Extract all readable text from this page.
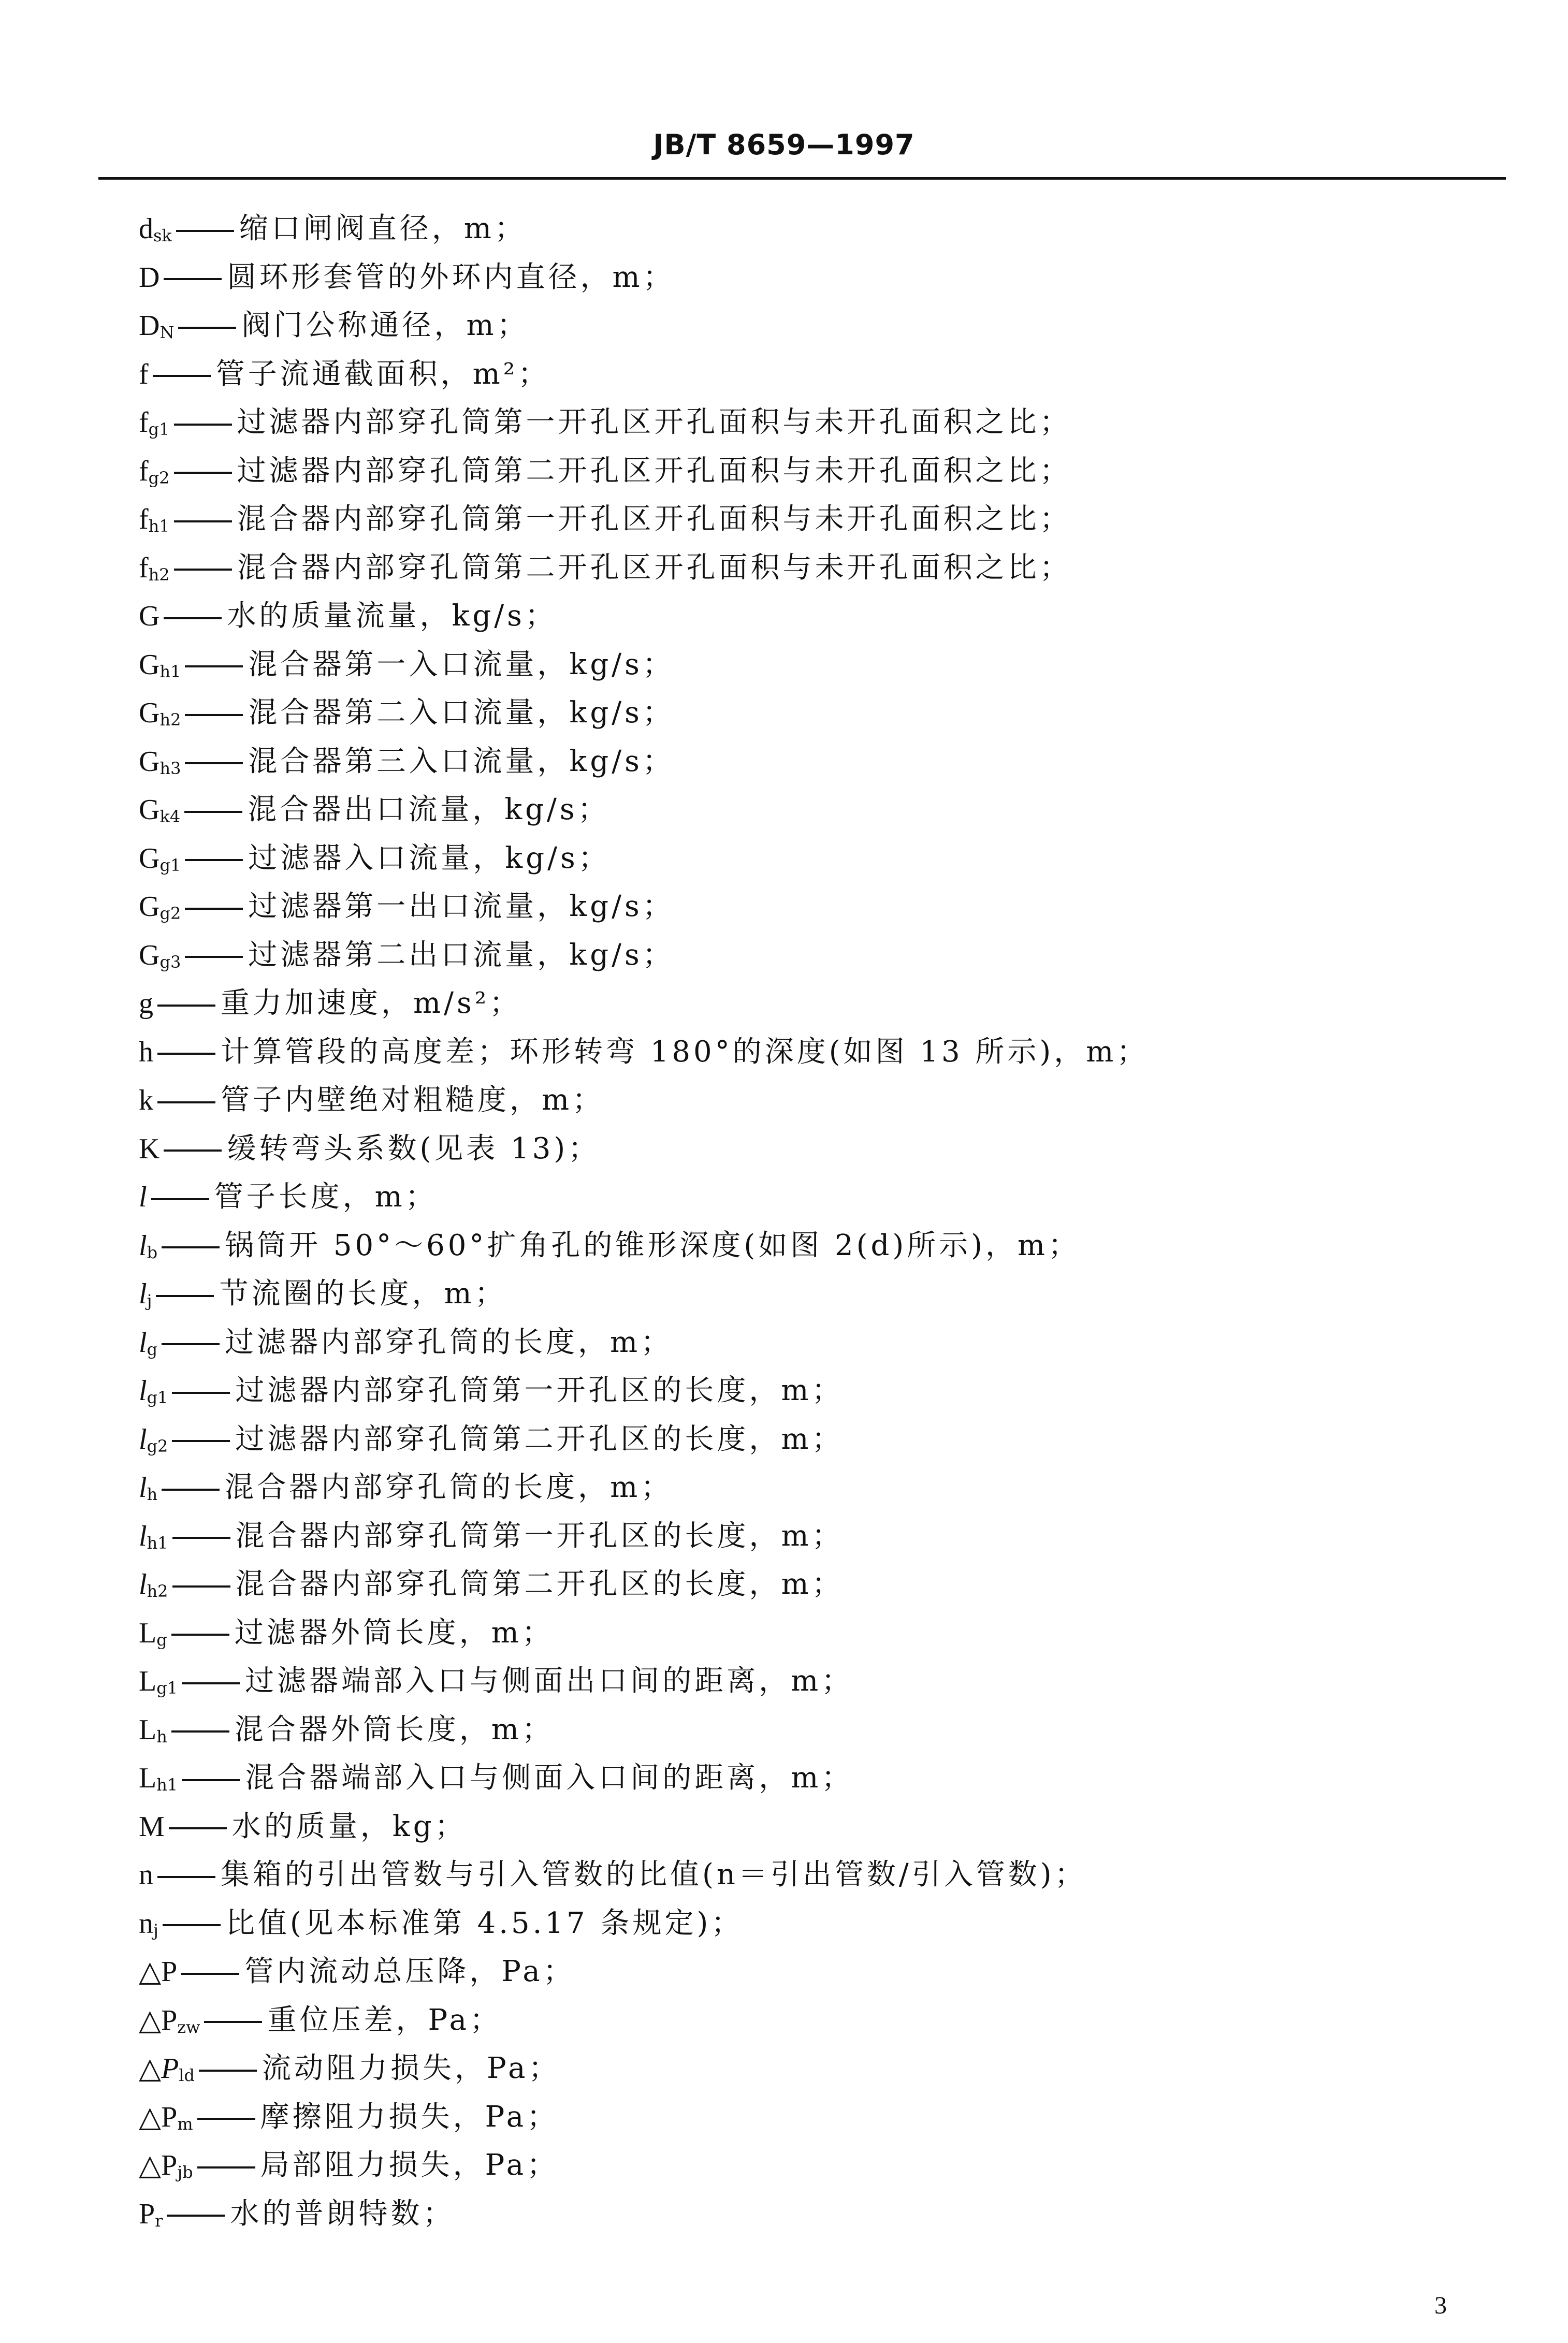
JB/T 8659—1997
$d_{sk}$ 缩口闸阀直径，m；
D 圆环形套管的外环内直径，m；
$D_N$ 阀门公称通径，m；
f 管子流通截面积，m²；
$f_{g1}$ 过滤器内部穿孔筒第一开孔区开孔面积与未开孔面积之比；
$f_{g2}$ 过滤器内部穿孔筒第二开孔区开孔面积与未开孔面积之比；
$f_{h1}$ 混合器内部穿孔筒第一开孔区开孔面积与未开孔面积之比；
$f_{h2}$ 混合器内部穿孔筒第二开孔区开孔面积与未开孔面积之比；
G 水的质量流量，kg/s；
$G_{h1}$ 混合器第一入口流量，kg/s；
$G_{h2}$ 混合器第二入口流量，kg/s；
$G_{h3}$ 混合器第三入口流量，kg/s；
$G_{k4}$ 混合器出口流量，kg/s；
$G_{g1}$ 过滤器入口流量，kg/s；
$G_{g2}$ 过滤器第一出口流量，kg/s；
$G_{g3}$ 过滤器第二出口流量，kg/s；
g 重力加速度，m/s²；
h 计算管段的高度差；环形转弯 180°的深度(如图 13 所示)，m；
k 管子内壁绝对粗糙度，m；
K 缓转弯头系数(见表 13)；
l 管子长度，m；
$l_b$ 锅筒开 50°～60°扩角孔的锥形深度(如图 2(d)所示)，m；
$l_j$ 节流圈的长度，m；
$l_g$ 过滤器内部穿孔筒的长度，m；
$l_{g1}$ 过滤器内部穿孔筒第一开孔区的长度，m；
$l_{g2}$ 过滤器内部穿孔筒第二开孔区的长度，m；
$l_h$ 混合器内部穿孔筒的长度，m；
$l_{h1}$ 混合器内部穿孔筒第一开孔区的长度，m；
$l_{h2}$ 混合器内部穿孔筒第二开孔区的长度，m；
$L_g$ 过滤器外筒长度，m；
$L_{g1}$ 过滤器端部入口与侧面出口间的距离，m；
$L_h$ 混合器外筒长度，m；
$L_{h1}$ 混合器端部入口与侧面入口间的距离，m；
M 水的质量，kg；
n 集箱的引出管数与引入管数的比值(n＝引出管数/引入管数)；
$n_j$ 比值(见本标准第 4.5.17 条规定)；
△P 管内流动总压降，Pa；
$\triangle P_{zw}$ 重位压差，Pa；
$\triangle P_{ld}$ 流动阻力损失，Pa；
$\triangle P_m$ 摩擦阻力损失，Pa；
$\triangle P_{jb}$ 局部阻力损失，Pa；
$P_r$ 水的普朗特数；
3
